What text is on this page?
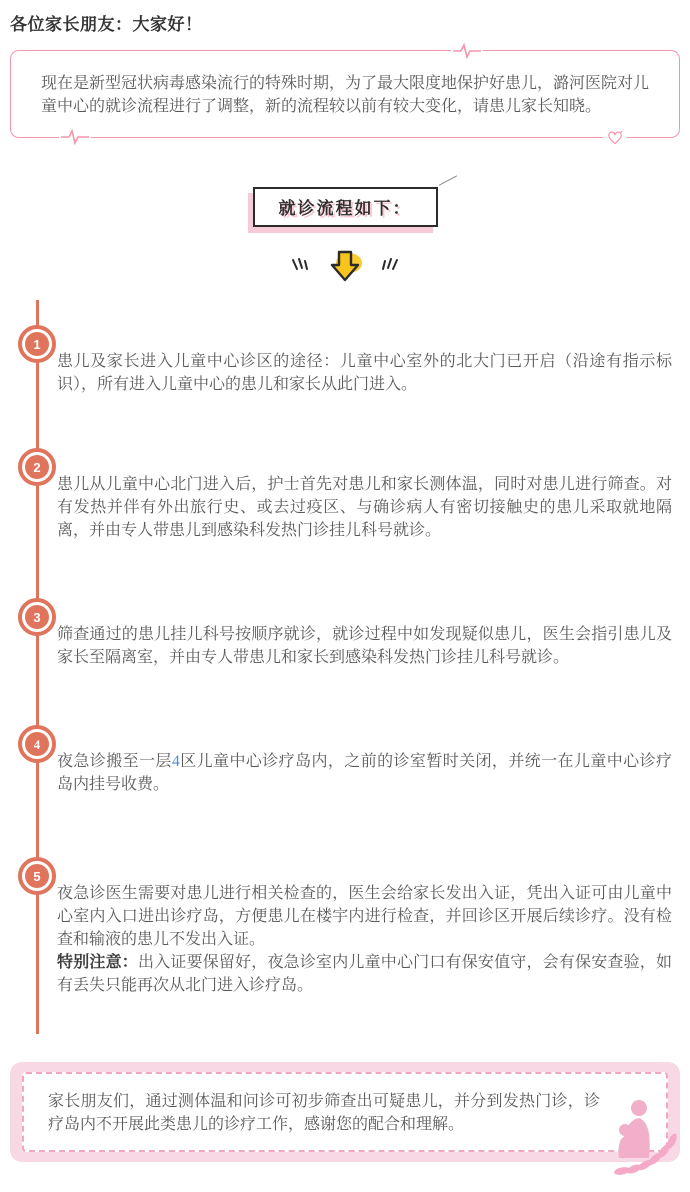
各位家长朋友：大家好！

现在是新型冠状病毒感染流行的特殊时期，为了最大限度地保护好患儿，潞河医院对儿童中心的就诊流程进行了调整，新的流程较以前有较大变化，请患儿家长知晓。

就诊流程如下：
1

患儿及家长进入儿童中心诊区的途径：儿童中心室外的北大门已开启（沿途有指示标识），所有进入儿童中心的患儿和家长从此门进入。

2

患儿从儿童中心北门进入后，护士首先对患儿和家长测体温，同时对患儿进行筛查。对有发热并伴有外出旅行史、或去过疫区、与确诊病人有密切接触史的患儿采取就地隔离，并由专人带患儿到感染科发热门诊挂儿科号就诊。

3

筛查通过的患儿挂儿科号按顺序就诊，就诊过程中如发现疑似患儿，医生会指引患儿及家长至隔离室，并由专人带患儿和家长到感染科发热门诊挂儿科号就诊。

4

夜急诊搬至一层4区儿童中心诊疗岛内，之前的诊室暂时关闭，并统一在儿童中心诊疗岛内挂号收费。

5

夜急诊医生需要对患儿进行相关检查的，医生会给家长发出入证，凭出入证可由儿童中心室内入口进出诊疗岛，方便患儿在楼宇内进行检查，并回诊区开展后续诊疗。没有检查和输液的患儿不发出入证。

特别注意：出入证要保留好，夜急诊室内儿童中心门口有保安值守，会有保安查验，如有丢失只能再次从北门进入诊疗岛。

家长朋友们，通过测体温和问诊可初步筛查出可疑患儿，并分到发热门诊，诊疗岛内不开展此类患儿的诊疗工作，感谢您的配合和理解。
